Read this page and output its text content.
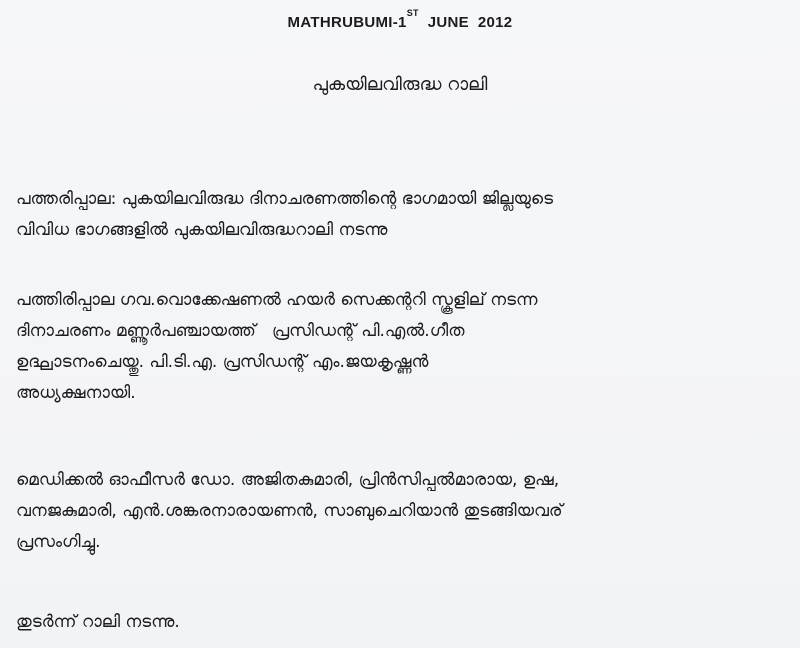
MATHRUBUMI-1ST  JUNE  2012
പുകയിലവിരുദ്ധ റാലി

പത്തരിപ്പാല: പുകയിലവിരുദ്ധ ദിനാചരണത്തിന്റെ ഭാഗമായി ജില്ലയുടെ
വിവിധ ഭാഗങ്ങളില്‍ പുകയിലവിരുദ്ധറാലി നടന്നു

പത്തിരിപ്പാല ഗവ.വൊക്കേഷണല്‍ ഹയര്‍ സെക്കന്ററി സ്കൂളില് നടന്ന
ദിനാചരണം മണ്ണൂര്‍പഞ്ചായത്ത്   പ്രസിഡന്റ് പി.എല്‍.ഗീത
ഉദ്ഘാടനംചെയ്തു. പി.ടി.എ. പ്രസിഡന്റ് എം.ജയകൃഷ്ണന്‍
അധ്യക്ഷനായി.

മെഡിക്കല്‍ ഓഫീസര്‍ ഡോ. അജിതകുമാരി, പ്രിന്‍സിപ്പല്‍മാരായ, ഉഷ,
വനജകുമാരി, എന്‍.ശങ്കരനാരായണന്‍, സാബുചെറിയാന്‍ തുടങ്ങിയവര്
പ്രസംഗിച്ചു.

തുടര്‍ന്ന് റാലി നടന്നു.
